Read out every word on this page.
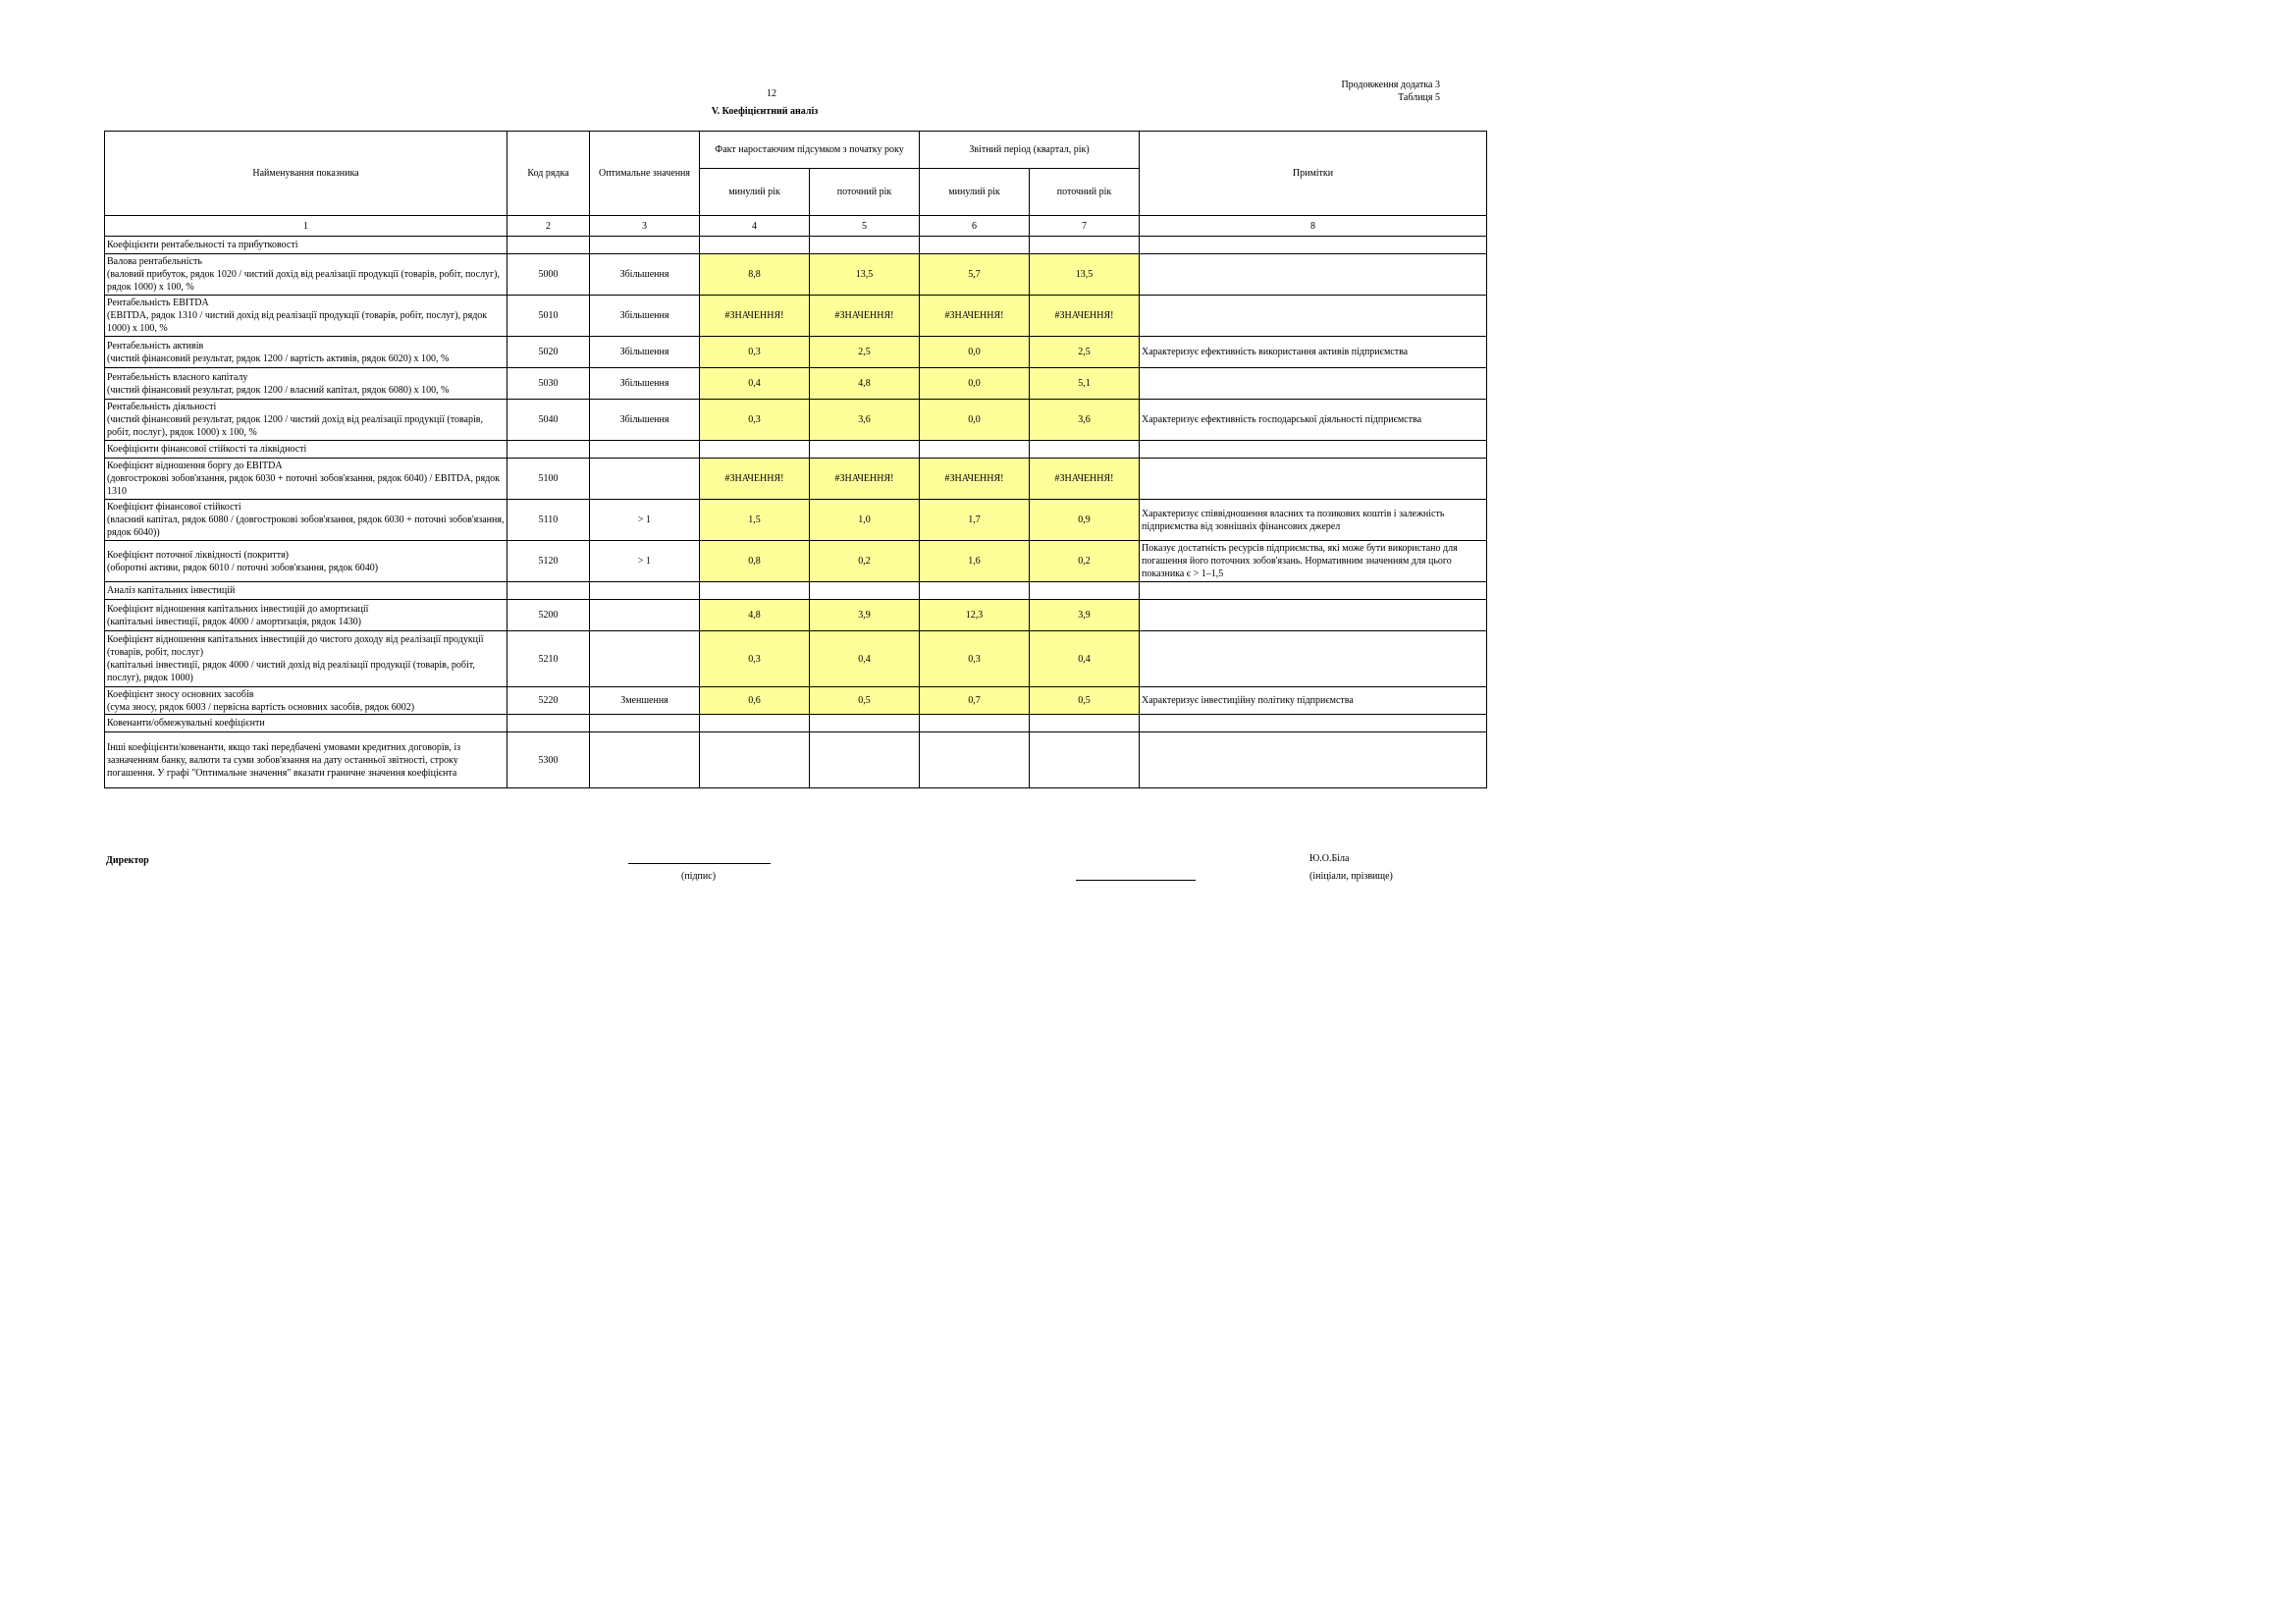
Продовження додатка 3
Таблиця 5
12
V. Коефіцієнтний аналіз
Найменування показника	Код рядка	Оптимальне значення	Факт наростаючим підсумком з початку року		Звітний період (квартал, рік)		Примітки
			минулий рік	поточний рік	минулий рік	поточний рік	
1	2	3	4	5	6	7	8
Коефіцієнти рентабельності та прибутковості							
Валова рентабельність
(валовий прибуток, рядок 1020 / чистий дохід від реалізації продукції (товарів, робіт, послуг), рядок 1000) х 100, %	5000	Збільшення	8,8	13,5	5,7	13,5	
Рентабельність EBITDA
(EBITDA, рядок 1310 / чистий дохід від реалізації продукції (товарів, робіт, послуг), рядок 1000) х 100, %	5010	Збільшення	#ЗНАЧЕННЯ!	#ЗНАЧЕННЯ!	#ЗНАЧЕННЯ!	#ЗНАЧЕННЯ!	
Рентабельність активів
(чистий фінансовий результат, рядок 1200 / вартість активів, рядок 6020) х 100, %	5020	Збільшення	0,3	2,5	0,0	2,5	Характеризує ефективність використання активів підприємства
Рентабельність власного капіталу
(чистий фінансовий результат, рядок 1200 / власний капітал, рядок 6080) х 100, %	5030	Збільшення	0,4	4,8	0,0	5,1	
Рентабельність діяльності
(чистий фінансовий результат, рядок 1200 / чистий дохід від реалізації продукції (товарів, робіт, послуг), рядок 1000) х 100, %	5040	Збільшення	0,3	3,6	0,0	3,6	Характеризує ефективність господарської діяльності підприємства
Коефіцієнти фінансової стійкості та ліквідності							
Коефіцієнт відношення боргу до EBITDA
(довгострокові зобов'язання, рядок 6030 + поточні зобов'язання, рядок 6040) / EBITDA, рядок 1310	5100		#ЗНАЧЕННЯ!	#ЗНАЧЕННЯ!	#ЗНАЧЕННЯ!	#ЗНАЧЕННЯ!	
Коефіцієнт фінансової стійкості
(власний капітал, рядок 6080 / (довгострокові зобов'язання, рядок 6030 + поточні зобов'язання, рядок 6040))	5110	> 1	1,5	1,0	1,7	0,9	Характеризує співвідношення власних та позикових коштів і залежність підприємства від зовнішніх фінансових джерел
Коефіцієнт поточної ліквідності (покриття)
(оборотні активи, рядок 6010 / поточні зобов'язання, рядок 6040)	5120	> 1	0,8	0,2	1,6	0,2	Показує достатність ресурсів підприємства, які може бути використано для погашення його поточних зобов'язань. Нормативним значенням для цього показника є > 1–1,5
Аналіз капітальних інвестицій							
Коефіцієнт відношення капітальних інвестицій до амортизації
(капітальні інвестиції, рядок 4000 / амортизація, рядок 1430)	5200		4,8	3,9	12,3	3,9	
Коефіцієнт відношення капітальних інвестицій до чистого доходу від реалізації продукції (товарів, робіт, послуг)
(капітальні інвестиції, рядок 4000 / чистий дохід від реалізації продукції (товарів, робіт, послуг), рядок 1000)	5210		0,3	0,4	0,3	0,4	
Коефіцієнт зносу основних засобів
(сума зносу, рядок 6003 / первісна вартість основних засобів, рядок 6002)	5220	Зменшення	0,6	0,5	0,7	0,5	Характеризує інвестиційну політику підприємства
Ковенанти/обмежувальні коефіцієнти							
Інші коефіцієнти/ковенанти, якщо такі передбачені умовами кредитних договорів, із зазначенням банку, валюти та суми зобов'язання на дату останньої звітності, строку погашення. У графі "Оптимальне значення" вказати граничне значення коефіцієнта	5300						
Директор
(підпис)
Ю.О.Біла
(ініціали, прізвище)
